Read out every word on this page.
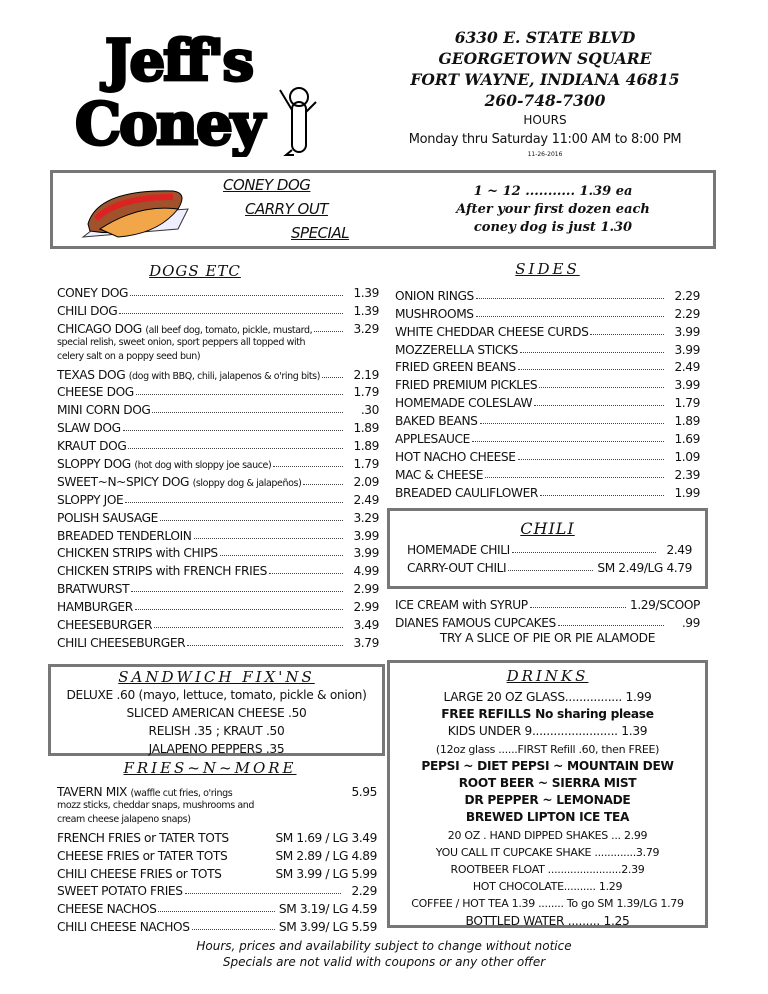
Jeff's
Coney
6330 E. STATE BLVD
GEORGETOWN SQUARE
FORT WAYNE, INDIANA 46815
260-748-7300
HOURS
Monday thru Saturday 11:00 AM to 8:00 PM
11-26-2016
CONEY DOG
CARRY OUT
SPECIAL
1 ~ 12 ........... 1.39 ea
After your first dozen each
coney dog is just 1.30
DOGS ETC
CONEY DOG	1.39
CHILI DOG	1.39
CHICAGO DOG (all beef dog, tomato, pickle, mustard,	3.29
special relish, sweet onion, sport peppers all topped with
celery salt on a poppy seed bun)
TEXAS DOG (dog with BBQ, chili, jalapenos & o'ring bits)	2.19
CHEESE DOG	1.79
MINI CORN DOG	.30
SLAW DOG	1.89
KRAUT DOG	1.89
SLOPPY DOG (hot dog with sloppy joe sauce)	1.79
SWEET~N~SPICY DOG (sloppy dog & jalapeños)	2.09
SLOPPY JOE	2.49
POLISH SAUSAGE	3.29
BREADED TENDERLOIN	3.99
CHICKEN STRIPS with CHIPS	3.99
CHICKEN STRIPS with FRENCH FRIES	4.99
BRATWURST	2.99
HAMBURGER	2.99
CHEESEBURGER	3.49
CHILI CHEESEBURGER	3.79
SIDES
ONION RINGS	2.29
MUSHROOMS	2.29
WHITE CHEDDAR CHEESE CURDS	3.99
MOZZERELLA STICKS	3.99
FRIED GREEN BEANS	2.49
FRIED PREMIUM PICKLES	3.99
HOMEMADE COLESLAW	1.79
BAKED BEANS	1.89
APPLESAUCE	1.69
HOT NACHO CHEESE	1.09
MAC & CHEESE	2.39
BREADED CAULIFLOWER	1.99
CHILI
HOMEMADE CHILI	2.49
CARRY-OUT CHILI	SM 2.49/LG 4.79
ICE CREAM with SYRUP	1.29/SCOOP
DIANES FAMOUS CUPCAKES	.99
TRY A SLICE OF PIE OR PIE ALAMODE
SANDWICH FIX'NS
DELUXE .60 (mayo, lettuce, tomato, pickle & onion)
SLICED AMERICAN CHEESE .50
RELISH .35 ; KRAUT .50
JALAPENO PEPPERS .35
FRIES~N~MORE
TAVERN MIX (waffle cut fries, o'rings	5.95
mozz sticks, cheddar snaps, mushrooms and
cream cheese jalapeno snaps)
FRENCH FRIES or TATER TOTS	SM 1.69 / LG 3.49
CHEESE FRIES or TATER TOTS	SM 2.89 / LG 4.89
CHILI CHEESE FRIES or TOTS	SM 3.99 / LG 5.99
SWEET POTATO FRIES	2.29
CHEESE NACHOS	SM 3.19/ LG 4.59
CHILI CHEESE NACHOS	SM 3.99/ LG 5.59
DRINKS
LARGE 20 OZ GLASS................ 1.99
FREE REFILLS No sharing please
KIDS UNDER 9........................ 1.39
(12oz glass ......FIRST Refill .60, then FREE)
PEPSI ~ DIET PEPSI ~ MOUNTAIN DEW
ROOT BEER ~ SIERRA MIST
DR PEPPER ~ LEMONADE
BREWED LIPTON ICE TEA
20 OZ . HAND DIPPED SHAKES ... 2.99
YOU CALL IT CUPCAKE SHAKE .............3.79
ROOTBEER FLOAT .......................2.39
HOT CHOCOLATE.......... 1.29
COFFEE / HOT TEA 1.39 ........ To go SM 1.39/LG 1.79
BOTTLED WATER ......... 1.25
Hours, prices and availability subject to change without notice
Specials are not valid with coupons or any other offer
